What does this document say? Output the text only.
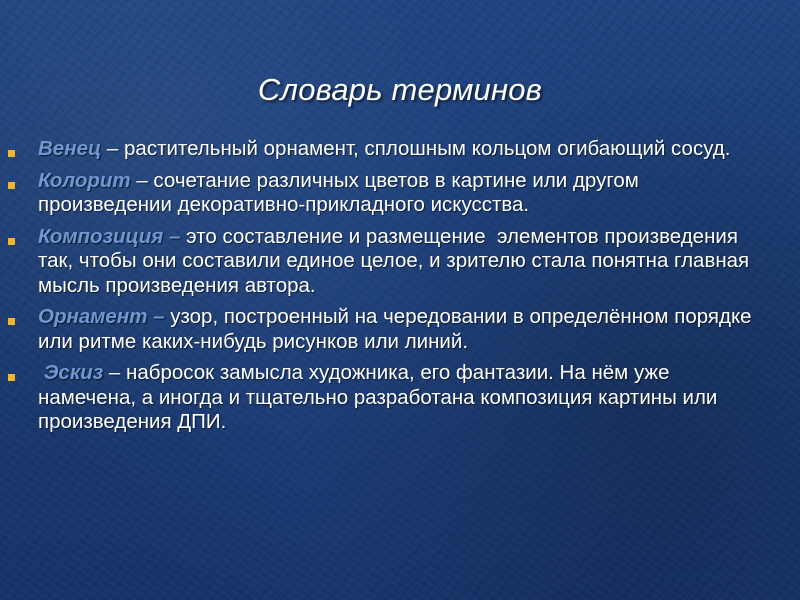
Словарь терминов
Венец – растительный орнамент, сплошным кольцом огибающий сосуд.
Колорит – сочетание различных цветов в картине или другом        произведении декоративно-прикладного искусства.
Композиция – это составление и размещение  элементов произведения так, чтобы они составили единое целое, и зрителю стала понятна главная мысль произведения автора.
Орнамент – узор, построенный на чередовании в определённом порядке или ритме каких-нибудь рисунков или линий.
Эскиз – набросок замысла художника, его фантазии. На нём уже намечена, а иногда и тщательно разработана композиция картины или произведения ДПИ.
